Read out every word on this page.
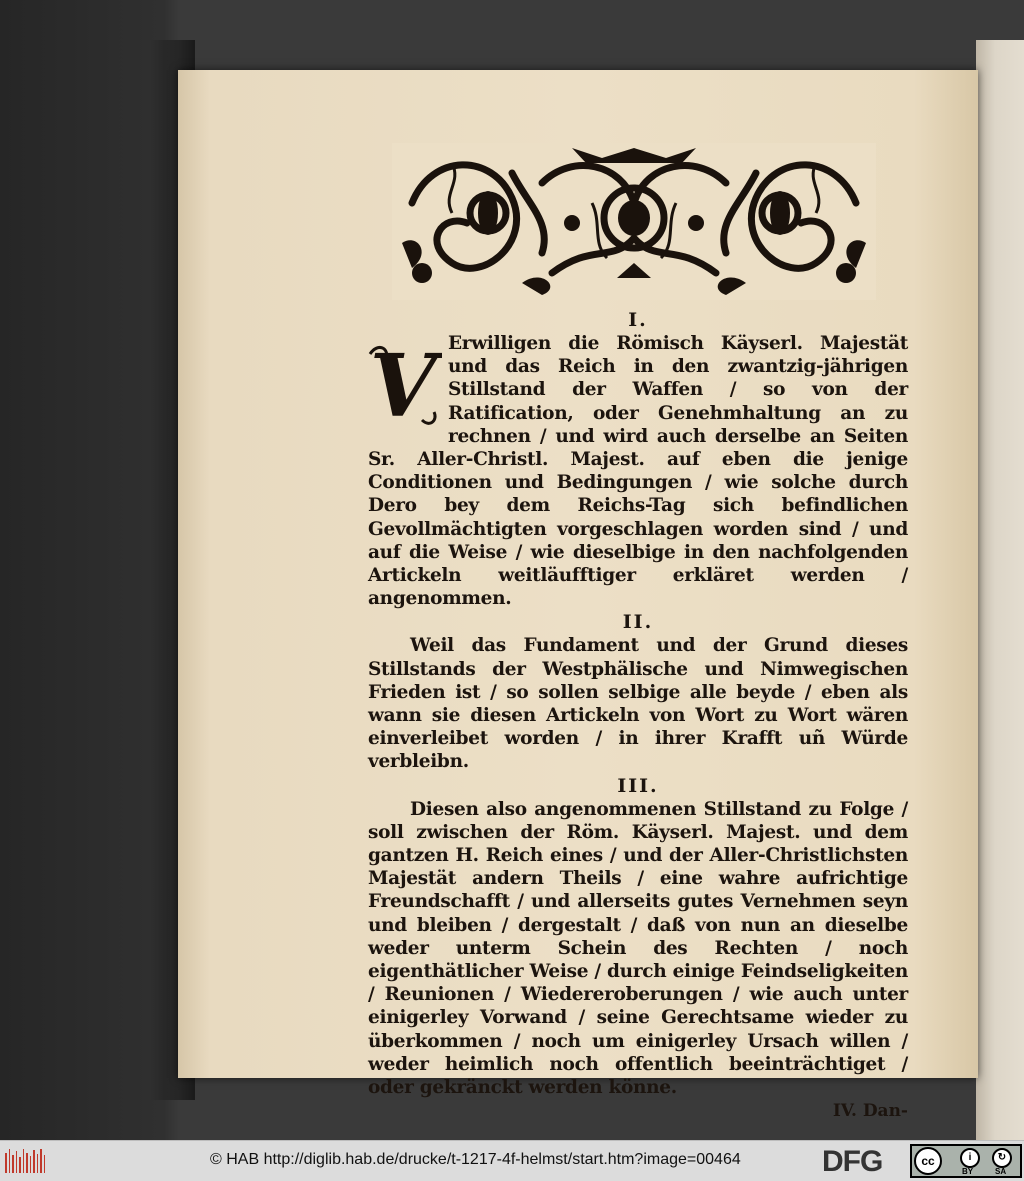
I.

V Erwilligen die Römisch Käyserl. Majestät und das Reich in den zwantzig-jährigen Stillstand der Waffen / so von der Ratification, oder Genehmhaltung an zu rechnen / und wird auch derselbe an Seiten Sr. Aller-Christl. Majest. auf eben die jenige Conditionen und Bedingungen / wie solche durch Dero bey dem Reichs-Tag sich befindlichen Gevollmächtigten vorgeschlagen worden sind / und auf die Weise / wie dieselbige in den nachfolgenden Artickeln weitläufftiger erkläret werden / angenommen.

II.

Weil das Fundament und der Grund dieses Stillstands der Westphälische und Nimwegischen Frieden ist / so sollen selbige alle beyde / eben als wann sie diesen Artickeln von Wort zu Wort wären einverleibet worden / in ihrer Krafft uñ Würde verbleibn.

III.

Diesen also angenommenen Stillstand zu Folge / soll zwischen der Röm. Käyserl. Majest. und dem gantzen H. Reich eines / und der Aller-Christlichsten Majestät andern Theils / eine wahre aufrichtige Freundschafft / und allerseits gutes Vernehmen seyn und bleiben / dergestalt / daß von nun an dieselbe weder unterm Schein des Rechten / noch eigenthätlicher Weise / durch einige Feindseligkeiten / Reunionen / Wiedereroberungen / wie auch unter einigerley Vorwand / seine Gerechtsame wieder zu überkommen / noch um einigerley Ursach willen / weder heimlich noch offentlich beeinträchtiget / oder gekränckt werden könne.

IV. Dan-

© HAB http://diglib.hab.de/drucke/t-1217-4f-helmst/start.htm?image=00464	DFG	cc	i	↻
BY	SA
